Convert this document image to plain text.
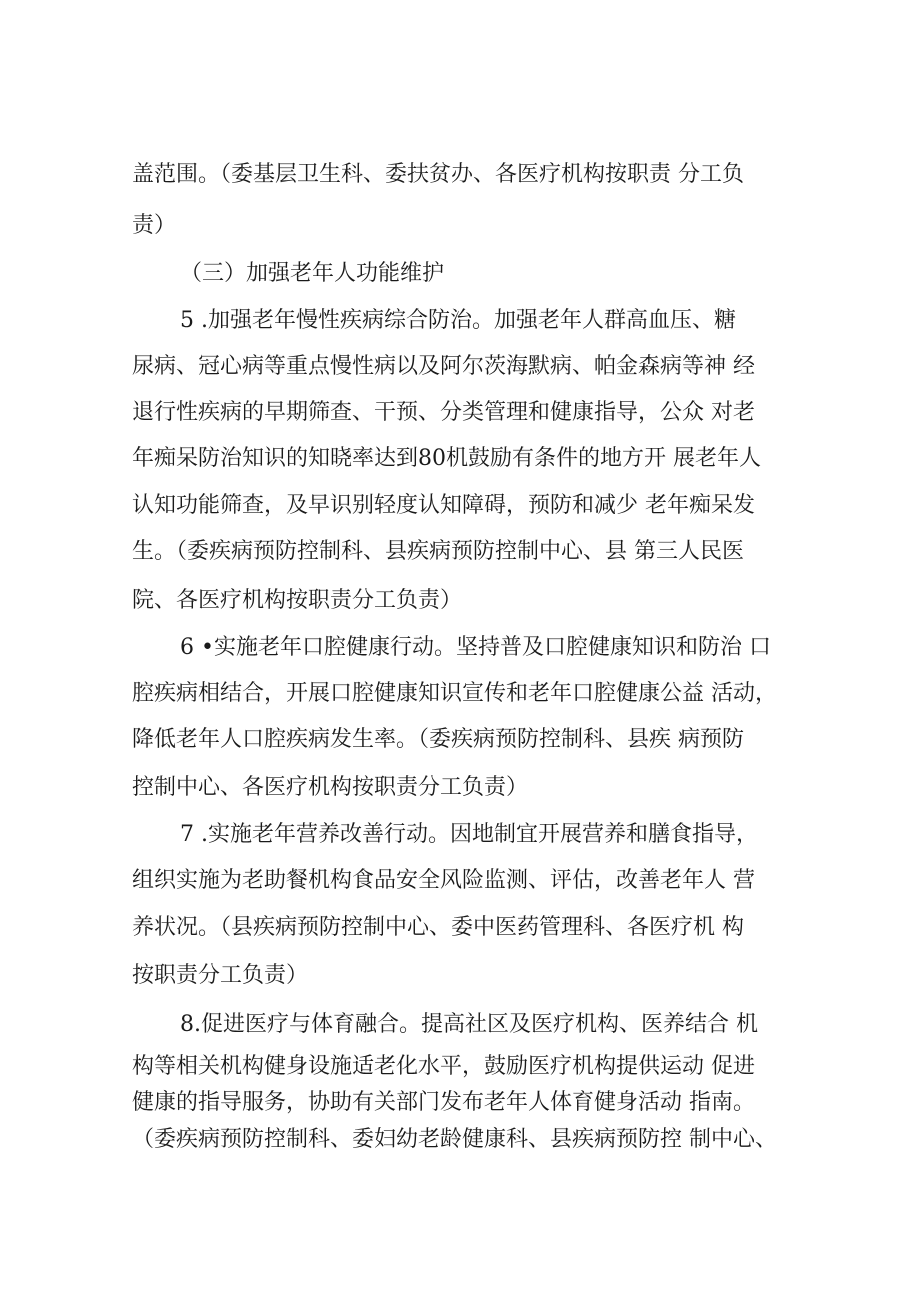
盖范围。（委基层卫生科、委扶贫办、各医疗机构按职责 分工负
责）
（三）加强老年人功能维护
5 .加强老年慢性疾病综合防治。加强老年人群高血压、糖
尿病、冠心病等重点慢性病以及阿尔茨海默病、帕金森病等神 经
退行性疾病的早期筛查、干预、分类管理和健康指导，公众 对老
年痴呆防治知识的知晓率达到80机鼓励有条件的地方开 展老年人
认知功能筛查，及早识别轻度认知障碍，预防和减少 老年痴呆发
生。（委疾病预防控制科、县疾病预防控制中心、县 第三人民医
院、各医疗机构按职责分工负责）
6 •实施老年口腔健康行动。坚持普及口腔健康知识和防治 口
腔疾病相结合，开展口腔健康知识宣传和老年口腔健康公益 活动，
降低老年人口腔疾病发生率。（委疾病预防控制科、县疾 病预防
控制中心、各医疗机构按职责分工负责）
7 .实施老年营养改善行动。因地制宜开展营养和膳食指导，
组织实施为老助餐机构食品安全风险监测、评估，改善老年人 营
养状况。（县疾病预防控制中心、委中医药管理科、各医疗机 构
按职责分工负责）
8.促进医疗与体育融合。提高社区及医疗机构、医养结合 机
构等相关机构健身设施适老化水平，鼓励医疗机构提供运动 促进
健康的指导服务，协助有关部门发布老年人体育健身活动 指南。
（委疾病预防控制科、委妇幼老龄健康科、县疾病预防控 制中心、
